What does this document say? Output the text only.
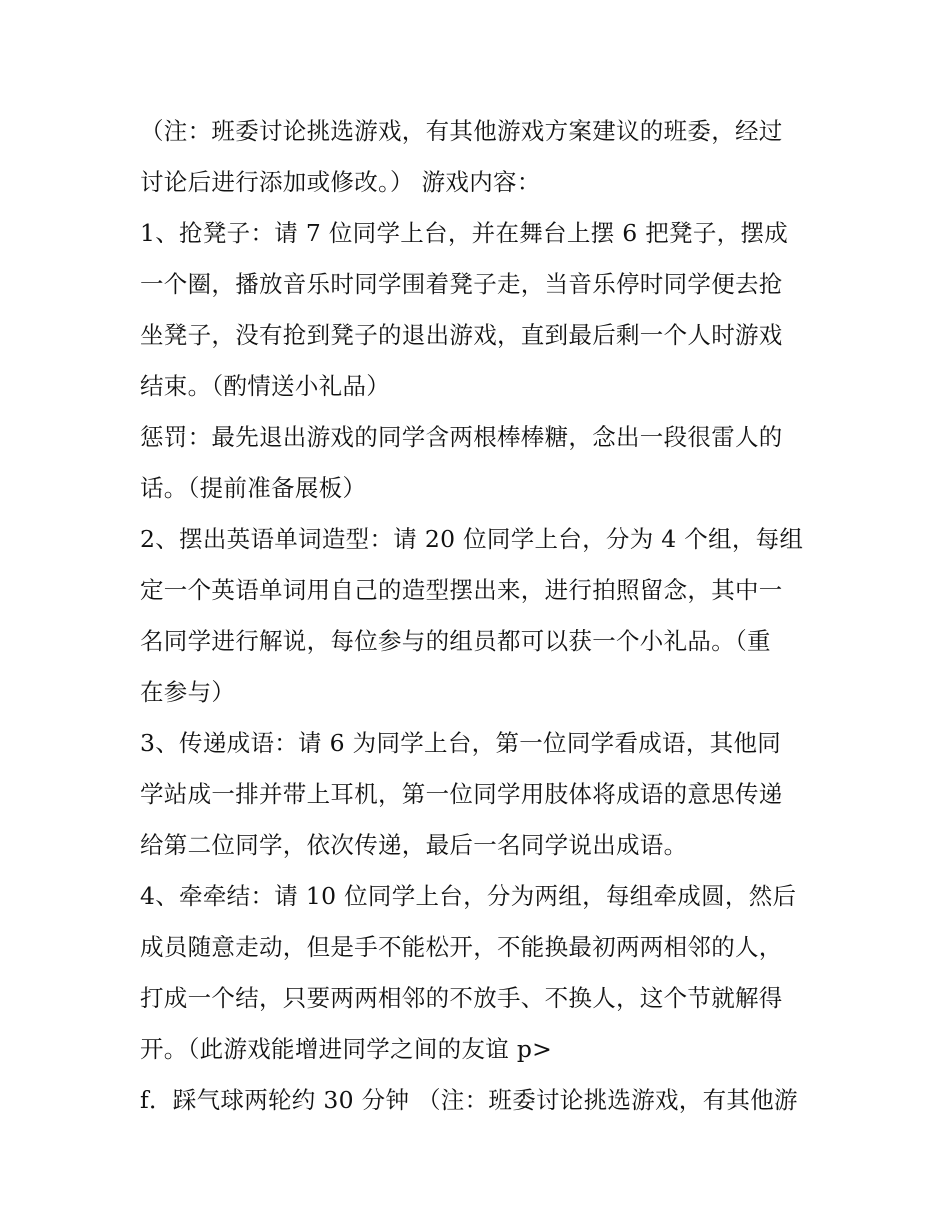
（注：班委讨论挑选游戏，有其他游戏方案建议的班委，经过
讨论后进行添加或修改。） 游戏内容：
1、抢凳子：请 7 位同学上台，并在舞台上摆 6 把凳子，摆成
一个圈，播放音乐时同学围着凳子走，当音乐停时同学便去抢
坐凳子，没有抢到凳子的退出游戏，直到最后剩一个人时游戏
结束。（酌情送小礼品）
惩罚：最先退出游戏的同学含两根棒棒糖，念出一段很雷人的
话。（提前准备展板）
2、摆出英语单词造型：请 20 位同学上台，分为 4 个组，每组
定一个英语单词用自己的造型摆出来，进行拍照留念，其中一
名同学进行解说，每位参与的组员都可以获一个小礼品。（重
在参与）
3、传递成语：请 6 为同学上台，第一位同学看成语，其他同
学站成一排并带上耳机，第一位同学用肢体将成语的意思传递
给第二位同学，依次传递，最后一名同学说出成语。
4、牵牵结：请 10 位同学上台，分为两组，每组牵成圆，然后
成员随意走动，但是手不能松开，不能换最初两两相邻的人，
打成一个结，只要两两相邻的不放手、不换人，这个节就解得
开。（此游戏能增进同学之间的友谊 p>
f．踩气球两轮约 30 分钟 （注：班委讨论挑选游戏，有其他游
